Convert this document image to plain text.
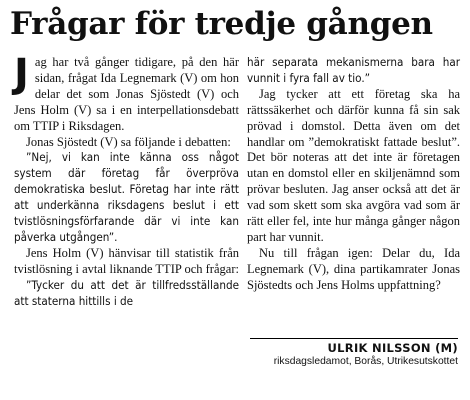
Frågar för tredje gången

Jag har två gånger tidigare, på den här sidan, frågat Ida Legnemark (V) om hon delar det som Jonas Sjöstedt (V) och Jens Holm (V) sa i en interpellationsdebatt om TTIP i Riksdagen.

Jonas Sjöstedt (V) sa följande i debatten:

”Nej, vi kan inte känna oss något system där företag får överpröva demokratiska beslut. Företag har inte rätt att underkänna riksdagens beslut i ett tvistlösningsförfarande där vi inte kan påverka utgången”.

Jens Holm (V) hänvisar till statistik från tvistlösning i avtal liknande TTIP och frågar:

”Tycker du att det är tillfredsställande att staterna hittills i de

här separata mekanismerna bara har vunnit i fyra fall av tio.”

Jag tycker att ett företag ska ha rättssäkerhet och därför kunna få sin sak prövad i domstol. Detta även om det handlar om ”demokratiskt fattade beslut”. Det bör noteras att det inte är företagen utan en domstol eller en skiljenämnd som prövar besluten. Jag anser också att det är vad som skett som ska avgöra vad som är rätt eller fel, inte hur många gånger någon part har vunnit.

Nu till frågan igen: Delar du, Ida Legnemark (V), dina partikamrater Jonas Sjöstedts och Jens Holms uppfattning?

ULRIK NILSSON (M)
riksdagsledamot, Borås, Utrikesutskottet
